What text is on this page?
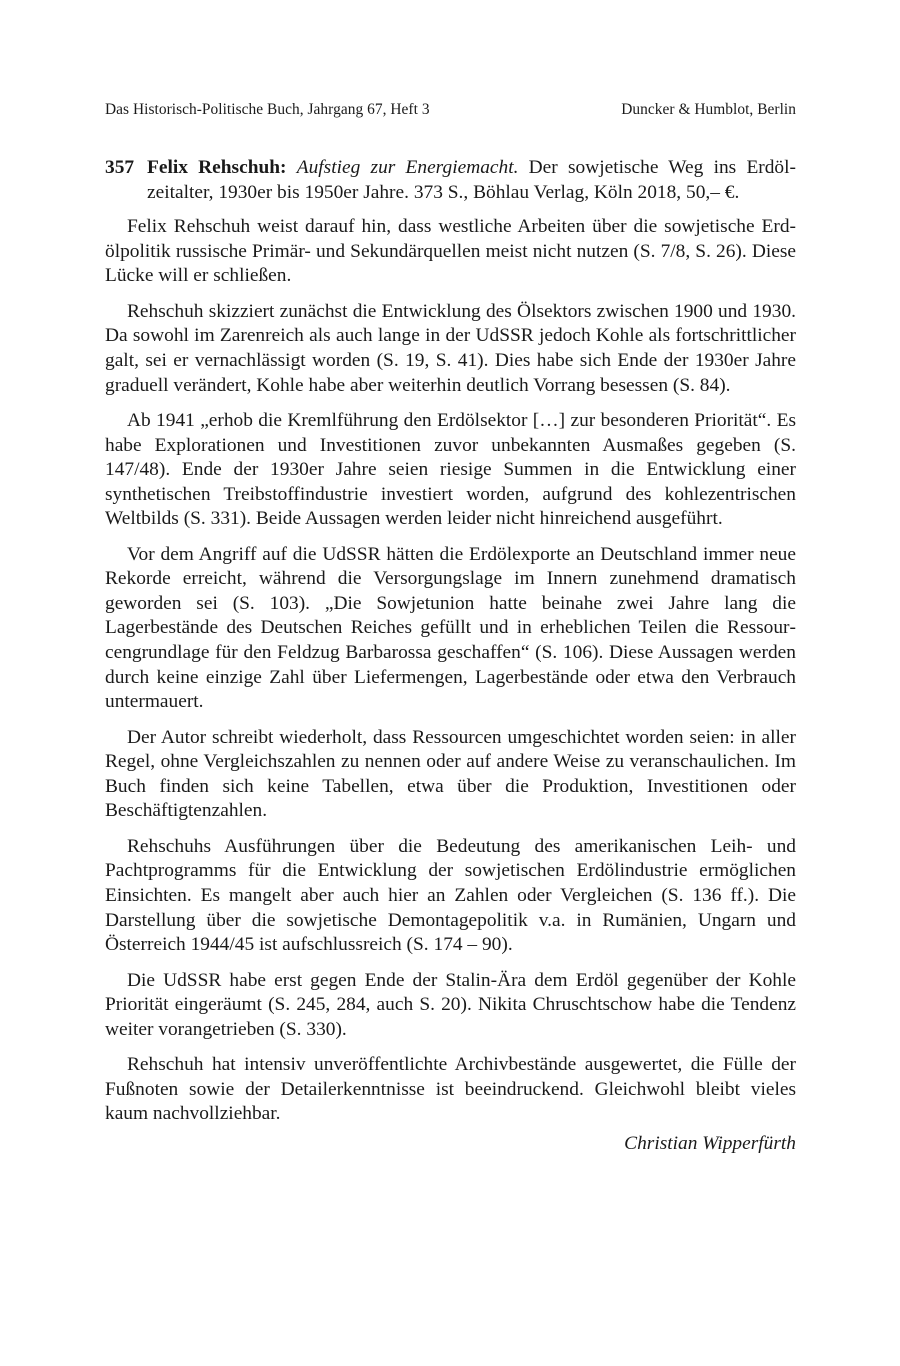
Das Historisch-Politische Buch, Jahrgang 67, Heft 3	Duncker & Humblot, Berlin

357 Felix Rehschuh: Aufstieg zur Energiemacht. Der sowjetische Weg ins Erdölzeitalter, 1930er bis 1950er Jahre. 373 S., Böhlau Verlag, Köln 2018, 50,– €.

Felix Rehschuh weist darauf hin, dass westliche Arbeiten über die sowjetische Erdölpolitik russische Primär- und Sekundärquellen meist nicht nutzen (S. 7/8, S. 26). Diese Lücke will er schließen.

Rehschuh skizziert zunächst die Entwicklung des Ölsektors zwischen 1900 und 1930. Da sowohl im Zarenreich als auch lange in der UdSSR jedoch Kohle als fortschrittlicher galt, sei er vernachlässigt worden (S. 19, S. 41). Dies habe sich Ende der 1930er Jahre graduell verändert, Kohle habe aber weiterhin deutlich Vorrang besessen (S. 84).

Ab 1941 „erhob die Kremlführung den Erdölsektor […] zur besonderen Priorität“. Es habe Explorationen und Investitionen zuvor unbekannten Ausmaßes gegeben (S. 147/48). Ende der 1930er Jahre seien riesige Summen in die Entwicklung einer synthetischen Treibstoffindustrie investiert worden, aufgrund des kohlezentrischen Weltbilds (S. 331). Beide Aussagen werden leider nicht hinreichend ausgeführt.

Vor dem Angriff auf die UdSSR hätten die Erdölexporte an Deutschland immer neue Rekorde erreicht, während die Versorgungslage im Innern zunehmend dramatisch geworden sei (S. 103). „Die Sowjetunion hatte beinahe zwei Jahre lang die Lagerbestände des Deutschen Reiches gefüllt und in erheblichen Teilen die Ressourcengrundlage für den Feldzug Barbarossa geschaffen“ (S. 106). Diese Aussagen werden durch keine einzige Zahl über Liefermengen, Lagerbestände oder etwa den Verbrauch untermauert.

Der Autor schreibt wiederholt, dass Ressourcen umgeschichtet worden seien: in aller Regel, ohne Vergleichszahlen zu nennen oder auf andere Weise zu veranschaulichen. Im Buch finden sich keine Tabellen, etwa über die Produktion, Investitionen oder Beschäftigtenzahlen.

Rehschuhs Ausführungen über die Bedeutung des amerikanischen Leih- und Pachtprogramms für die Entwicklung der sowjetischen Erdölindustrie ermöglichen Einsichten. Es mangelt aber auch hier an Zahlen oder Vergleichen (S. 136 ff.). Die Darstellung über die sowjetische Demontagepolitik v.a. in Rumänien, Ungarn und Österreich 1944/45 ist aufschlussreich (S. 174 – 90).

Die UdSSR habe erst gegen Ende der Stalin-Ära dem Erdöl gegenüber der Kohle Priorität eingeräumt (S. 245, 284, auch S. 20). Nikita Chruschtschow habe die Tendenz weiter vorangetrieben (S. 330).

Rehschuh hat intensiv unveröffentlichte Archivbestände ausgewertet, die Fülle der Fußnoten sowie der Detailerkenntnisse ist beeindruckend. Gleichwohl bleibt vieles kaum nachvollziehbar.

Christian Wipperfürth
